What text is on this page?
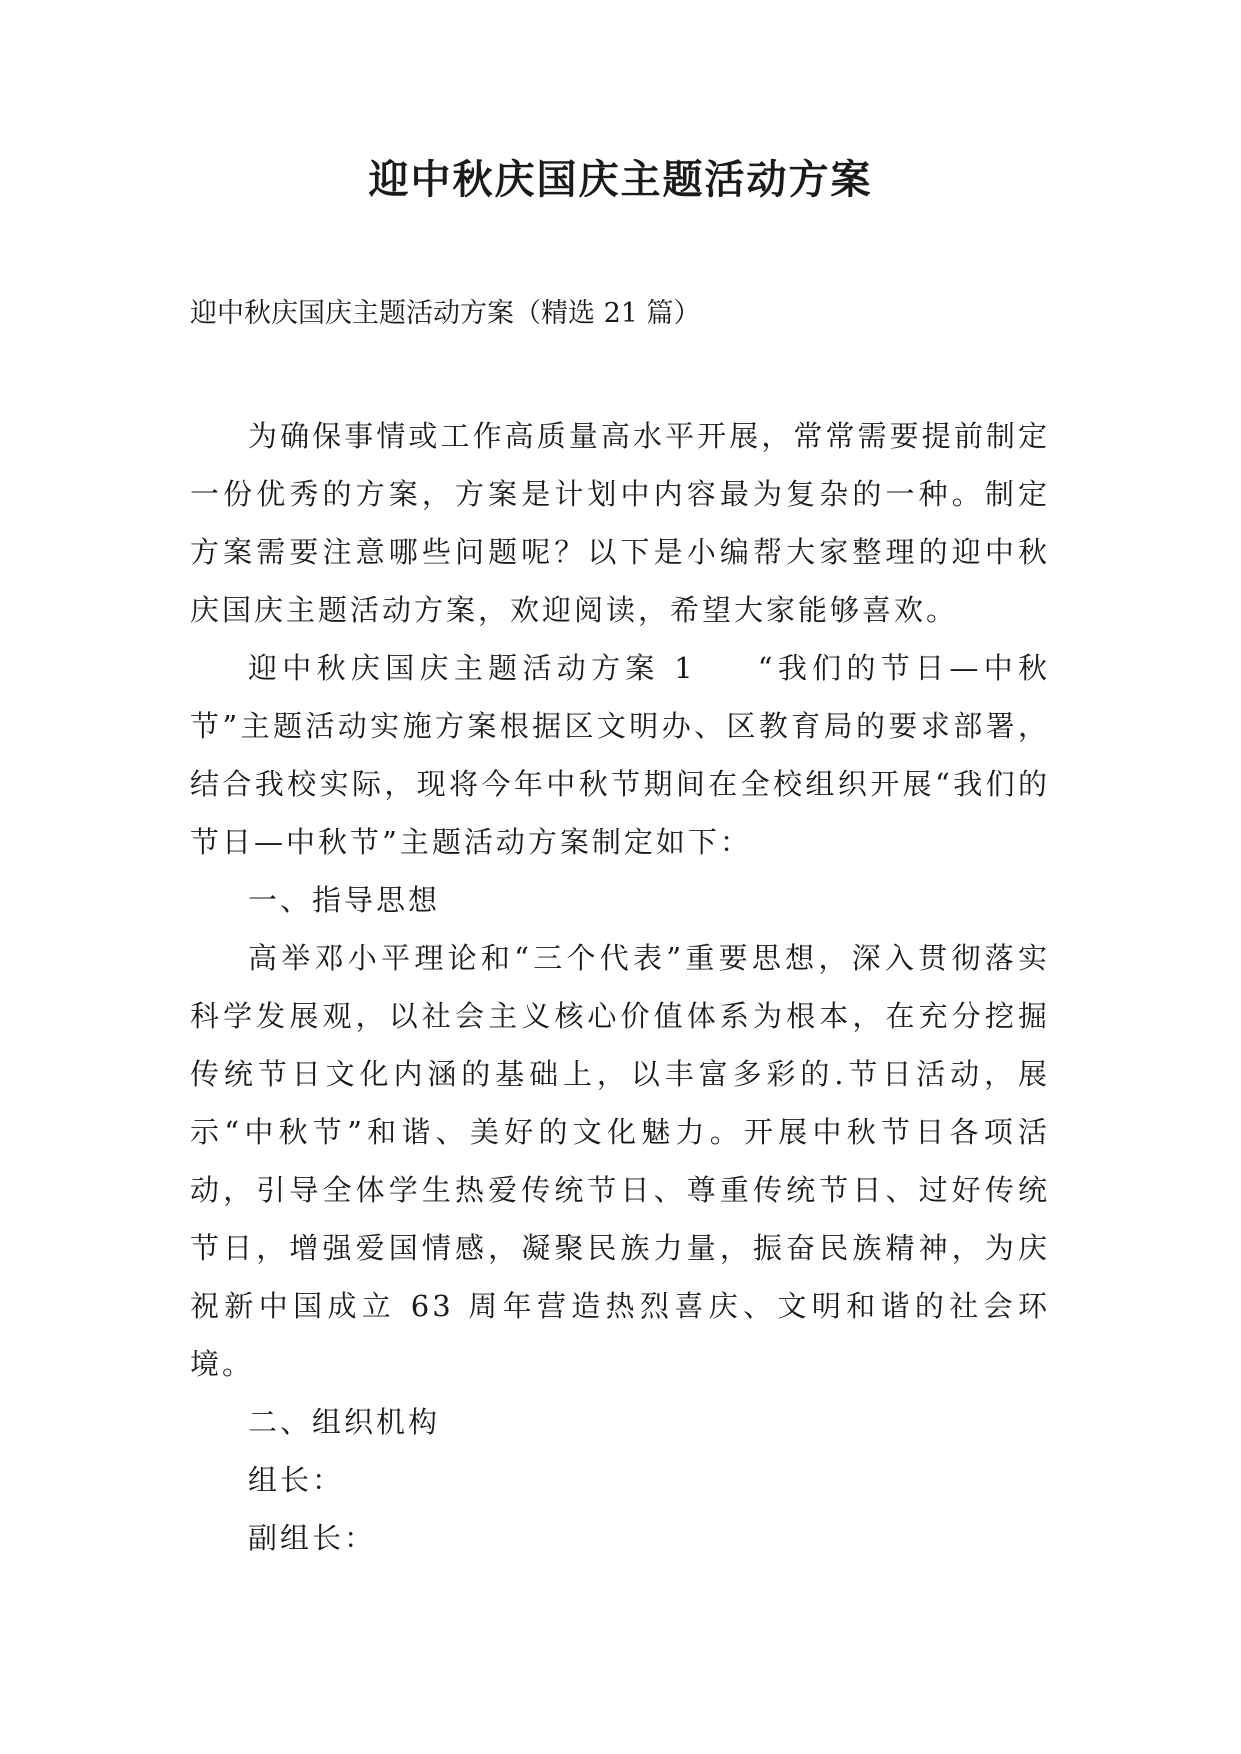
迎中秋庆国庆主题活动方案

迎中秋庆国庆主题活动方案（精选 21 篇）

为确保事情或工作高质量高水平开展，常常需要提前制定一份优秀的方案，方案是计划中内容最为复杂的一种。制定方案需要注意哪些问题呢？以下是小编帮大家整理的迎中秋庆国庆主题活动方案，欢迎阅读，希望大家能够喜欢。

迎中秋庆国庆主题活动方案 1 “我们的节日—中秋节”主题活动实施方案根据区文明办、区教育局的要求部署，结合我校实际，现将今年中秋节期间在全校组织开展“我们的节日—中秋节”主题活动方案制定如下：

一、指导思想

高举邓小平理论和“三个代表”重要思想，深入贯彻落实科学发展观，以社会主义核心价值体系为根本，在充分挖掘传统节日文化内涵的基础上，以丰富多彩的.节日活动，展示“中秋节”和谐、美好的文化魅力。开展中秋节日各项活动，引导全体学生热爱传统节日、尊重传统节日、过好传统节日，增强爱国情感，凝聚民族力量，振奋民族精神，为庆祝新中国成立 63 周年营造热烈喜庆、文明和谐的社会环境。

二、组织机构

组长：

副组长：
